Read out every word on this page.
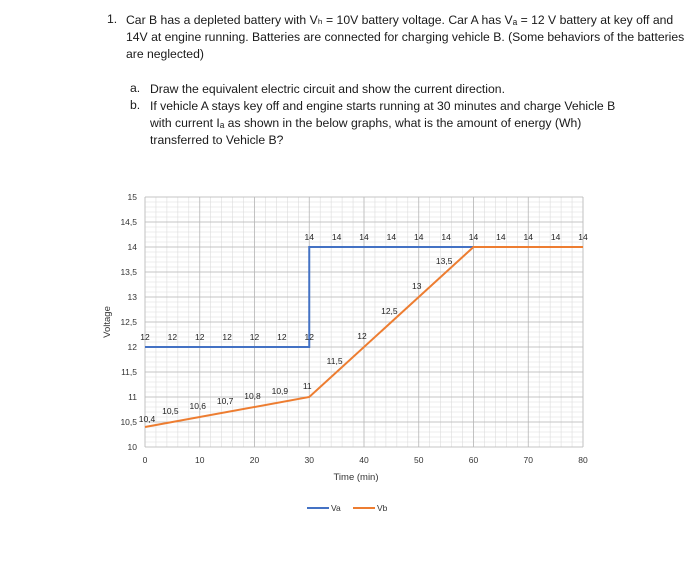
1. Car B has a depleted battery with Vₕ = 10V battery voltage. Car A has Vₐ = 12 V battery at key off and 14V at engine running. Batteries are connected for charging vehicle B. (Some behaviors of the batteries are neglected)
a. Draw the equivalent electric circuit and show the current direction.
b. If vehicle A stays key off and engine starts running at 30 minutes and charge Vehicle B with current Iₐ as shown in the below graphs, what is the amount of energy (Wh) transferred to Vehicle B?
10
10,5
11
11,5
12
12,5
13
13,5
14
14,5
15
0	10	20	30	40	50	60	70	80
Time (min)
Voltage	12 12 12 12 12 12 12
14 14 14 14 14 14 14 14 14 14 14
10,4
10,5 10,6 10,7 10,8 10,9 11
11,5
12
12,5
13
13,5
Va	Vb
